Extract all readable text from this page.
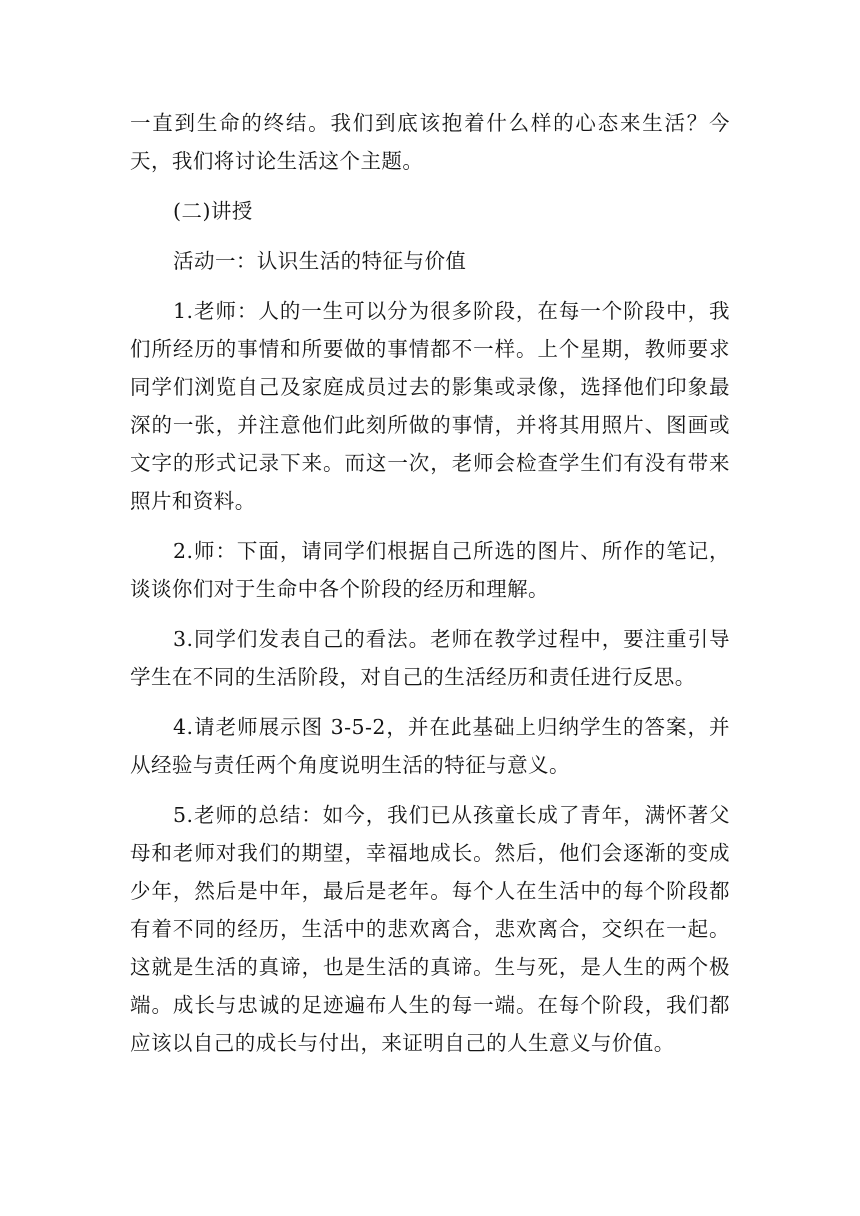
一直到生命的终结。我们到底该抱着什么样的心态来生活？今天，我们将讨论生活这个主题。

(二)讲授

活动一：认识生活的特征与价值

1.老师：人的一生可以分为很多阶段，在每一个阶段中，我们所经历的事情和所要做的事情都不一样。上个星期，教师要求同学们浏览自己及家庭成员过去的影集或录像，选择他们印象最深的一张，并注意他们此刻所做的事情，并将其用照片、图画或文字的形式记录下来。而这一次，老师会检查学生们有没有带来照片和资料。

2.师：下面，请同学们根据自己所选的图片、所作的笔记，谈谈你们对于生命中各个阶段的经历和理解。

3.同学们发表自己的看法。老师在教学过程中，要注重引导学生在不同的生活阶段，对自己的生活经历和责任进行反思。

4.请老师展示图 3-5-2，并在此基础上归纳学生的答案，并从经验与责任两个角度说明生活的特征与意义。

5.老师的总结：如今，我们已从孩童长成了青年，满怀著父母和老师对我们的期望，幸福地成长。然后，他们会逐渐的变成少年，然后是中年，最后是老年。每个人在生活中的每个阶段都有着不同的经历，生活中的悲欢离合，悲欢离合，交织在一起。这就是生活的真谛，也是生活的真谛。生与死，是人生的两个极端。成长与忠诚的足迹遍布人生的每一端。在每个阶段，我们都应该以自己的成长与付出，来证明自己的人生意义与价值。
